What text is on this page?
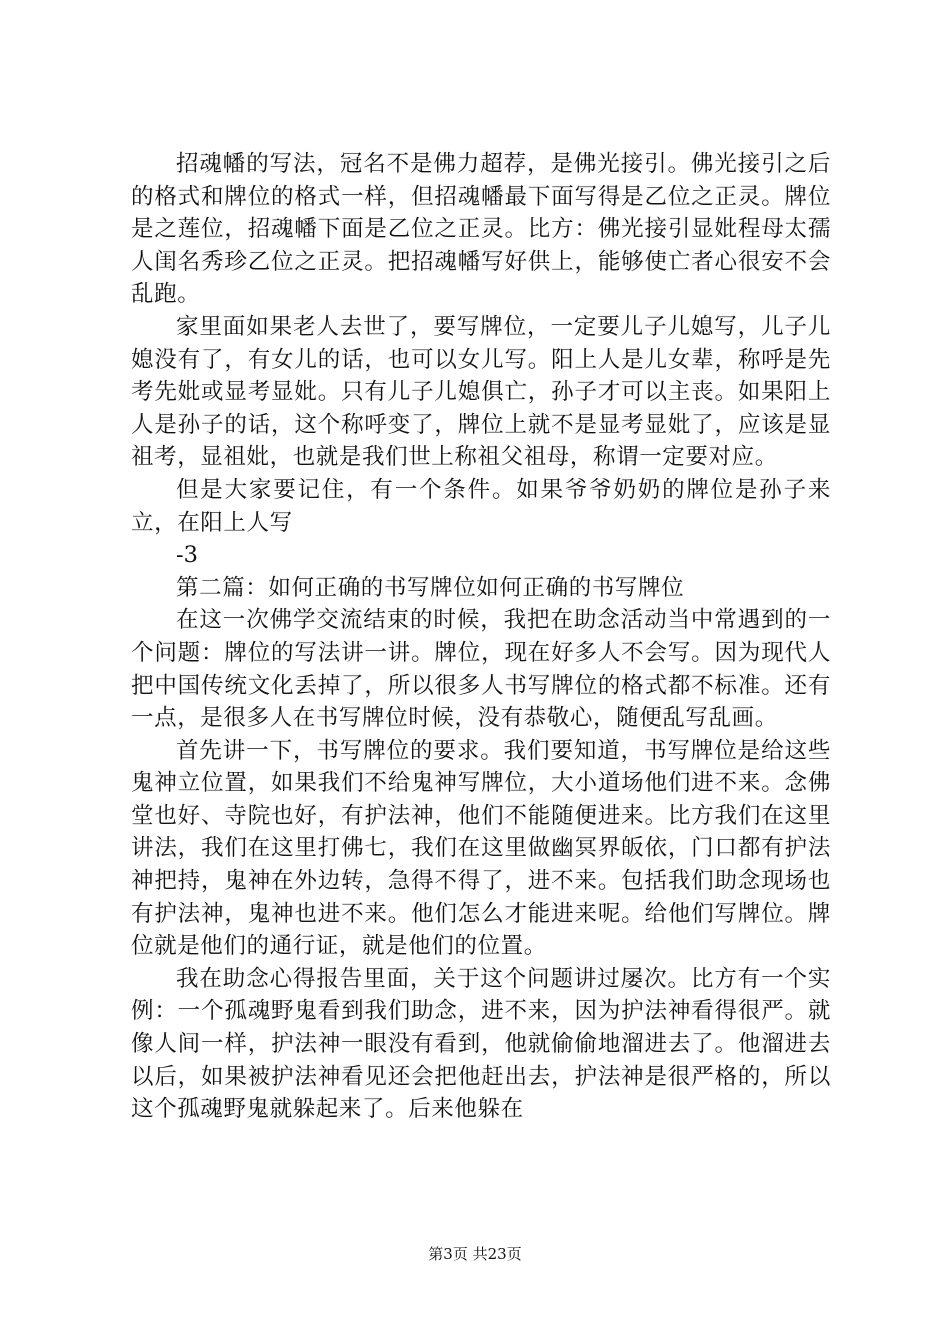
招魂幡的写法，冠名不是佛力超荐，是佛光接引。佛光接引之后的格式和牌位的格式一样，但招魂幡最下面写得是乙位之正灵。牌位是之莲位，招魂幡下面是乙位之正灵。比方：佛光接引显妣程母太孺人闺名秀珍乙位之正灵。把招魂幡写好供上，能够使亡者心很安不会乱跑。

家里面如果老人去世了，要写牌位，一定要儿子儿媳写，儿子儿媳没有了，有女儿的话，也可以女儿写。阳上人是儿女辈，称呼是先考先妣或显考显妣。只有儿子儿媳俱亡，孙子才可以主丧。如果阳上人是孙子的话，这个称呼变了，牌位上就不是显考显妣了，应该是显祖考，显祖妣，也就是我们世上称祖父祖母，称谓一定要对应。

但是大家要记住，有一个条件。如果爷爷奶奶的牌位是孙子来立，在阳上人写

-3

第二篇：如何正确的书写牌位如何正确的书写牌位

在这一次佛学交流结束的时候，我把在助念活动当中常遇到的一个问题：牌位的写法讲一讲。牌位，现在好多人不会写。因为现代人把中国传统文化丢掉了，所以很多人书写牌位的格式都不标准。还有一点，是很多人在书写牌位时候，没有恭敬心，随便乱写乱画。

首先讲一下，书写牌位的要求。我们要知道，书写牌位是给这些鬼神立位置，如果我们不给鬼神写牌位，大小道场他们进不来。念佛堂也好、寺院也好，有护法神，他们不能随便进来。比方我们在这里讲法，我们在这里打佛七，我们在这里做幽冥界皈依，门口都有护法神把持，鬼神在外边转，急得不得了，进不来。包括我们助念现场也有护法神，鬼神也进不来。他们怎么才能进来呢。给他们写牌位。牌位就是他们的通行证，就是他们的位置。

我在助念心得报告里面，关于这个问题讲过屡次。比方有一个实例：一个孤魂野鬼看到我们助念，进不来，因为护法神看得很严。就像人间一样，护法神一眼没有看到，他就偷偷地溜进去了。他溜进去以后，如果被护法神看见还会把他赶出去，护法神是很严格的，所以这个孤魂野鬼就躲起来了。后来他躲在

第3页 共23页
